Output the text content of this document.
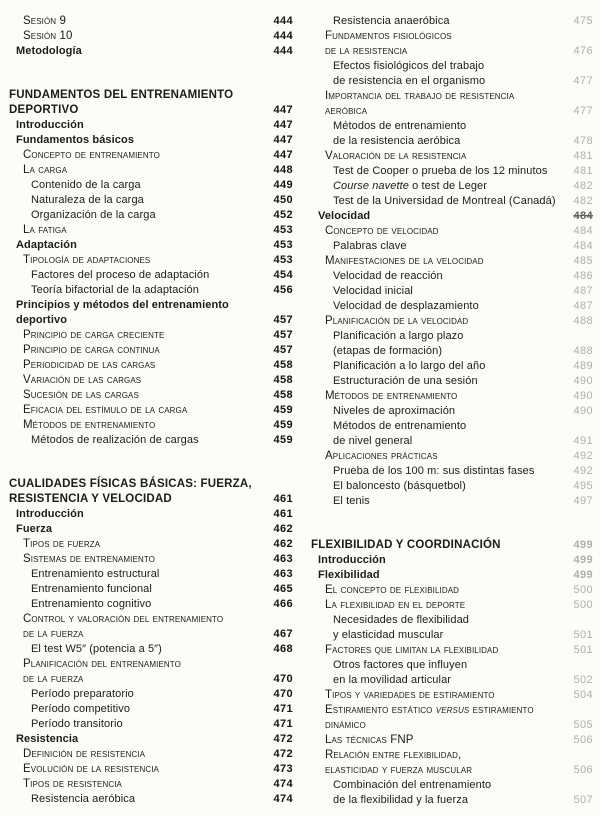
Sesión 9	444
Sesión 10	444
Metodología	444
FUNDAMENTOS DEL ENTRENAMIENTO
DEPORTIVO	447
Introducción	447
Fundamentos básicos	447
Concepto de entrenamiento	447
La carga	448
Contenido de la carga	449
Naturaleza de la carga	450
Organización de la carga	452
La fatiga	453
Adaptación	453
Tipología de adaptaciones	453
Factores del proceso de adaptación	454
Teoría bifactorial de la adaptación	456
Principios y métodos del entrenamiento
deportivo	457
Principio de carga creciente	457
Principio de carga continua	457
Periodicidad de las cargas	458
Variación de las cargas	458
Sucesión de las cargas	458
Eficacia del estímulo de la carga	459
Métodos de entrenamiento	459
Métodos de realización de cargas	459
CUALIDADES FÍSICAS BÁSICAS: FUERZA,
RESISTENCIA Y VELOCIDAD	461
Introducción	461
Fuerza	462
Tipos de fuerza	462
Sistemas de entrenamiento	463
Entrenamiento estructural	463
Entrenamiento funcional	465
Entrenamiento cognitivo	466
Control y valoración del entrenamiento
de la fuerza	467
El test W5″ (potencia a 5″)	468
Planificación del entrenamiento
de la fuerza	470
Período preparatorio	470
Período competitivo	471
Período transitorio	471
Resistencia	472
Definición de resistencia	472
Evolución de la resistencia	473
Tipos de resistencia	474
Resistencia aeróbica	474
Resistencia anaeróbica	475
Fundamentos fisiológicos
de la resistencia	476
Efectos fisiológicos del trabajo
de resistencia en el organismo	477
Importancia del trabajo de resistencia
aeróbica	477
Métodos de entrenamiento
de la resistencia aeróbica	478
Valoración de la resistencia	481
Test de Cooper o prueba de los 12 minutos	481
Course navette o test de Leger	482
Test de la Universidad de Montreal (Canadá)	482
Velocidad	484
Concepto de velocidad	484
Palabras clave	484
Manifestaciones de la velocidad	485
Velocidad de reacción	486
Velocidad inicial	487
Velocidad de desplazamiento	487
Planificación de la velocidad	488
Planificación a largo plazo
(etapas de formación)	488
Planificación a lo largo del año	489
Estructuración de una sesión	490
Métodos de entrenamiento	490
Niveles de aproximación	490
Métodos de entrenamiento
de nivel general	491
Aplicaciones prácticas	492
Prueba de los 100 m: sus distintas fases	492
El baloncesto (básquetbol)	495
El tenis	497
FLEXIBILIDAD Y COORDINACIÓN	499
Introducción	499
Flexibilidad	499
El concepto de flexibilidad	500
La flexibilidad en el deporte	500
Necesidades de flexibilidad
y elasticidad muscular	501
Factores que limitan la flexibilidad	501
Otros factores que influyen
en la movilidad articular	502
Tipos y variedades de estiramiento	504
Estiramiento estático versus estiramiento
dinámico	505
Las técnicas FNP	506
Relación entre flexibilidad,
elasticidad y fuerza muscular	506
Combinación del entrenamiento
de la flexibilidad y la fuerza	507
